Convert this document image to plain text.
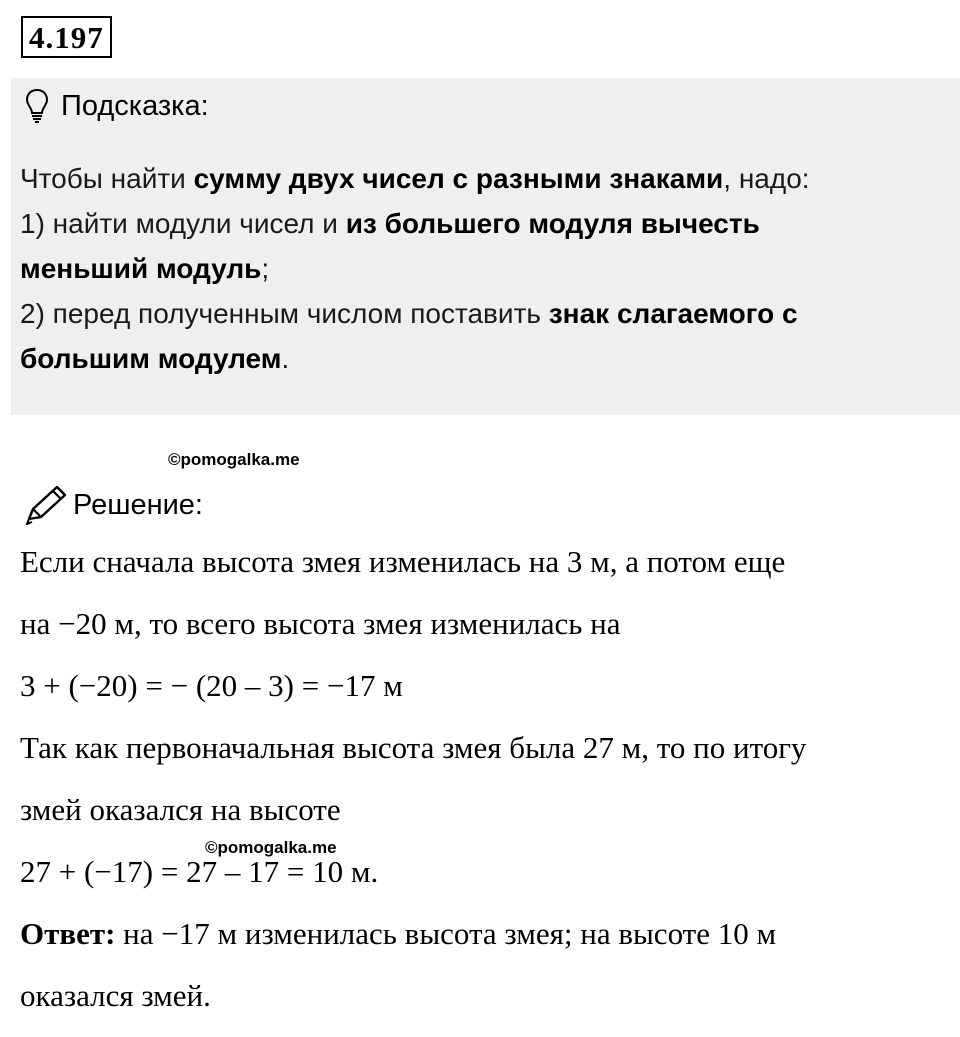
4.197
Подсказка:
Чтобы найти сумму двух чисел с разными знаками, надо:
1) найти модули чисел и из большего модуля вычесть
меньший модуль;
2) перед полученным числом поставить знак слагаемого с
большим модулем.
©pomogalka.me
Решение:
Если сначала высота змея изменилась на 3 м, а потом еще
на −20 м, то всего высота змея изменилась на
3 + (−20) = − (20 – 3) = −17 м
Так как первоначальная высота змея была 27 м, то по итогу
змей оказался на высоте
27 + (−17) = 27 – 17 = 10 м.
©pomogalka.me
Ответ: на −17 м изменилась высота змея; на высоте 10 м
оказался змей.
